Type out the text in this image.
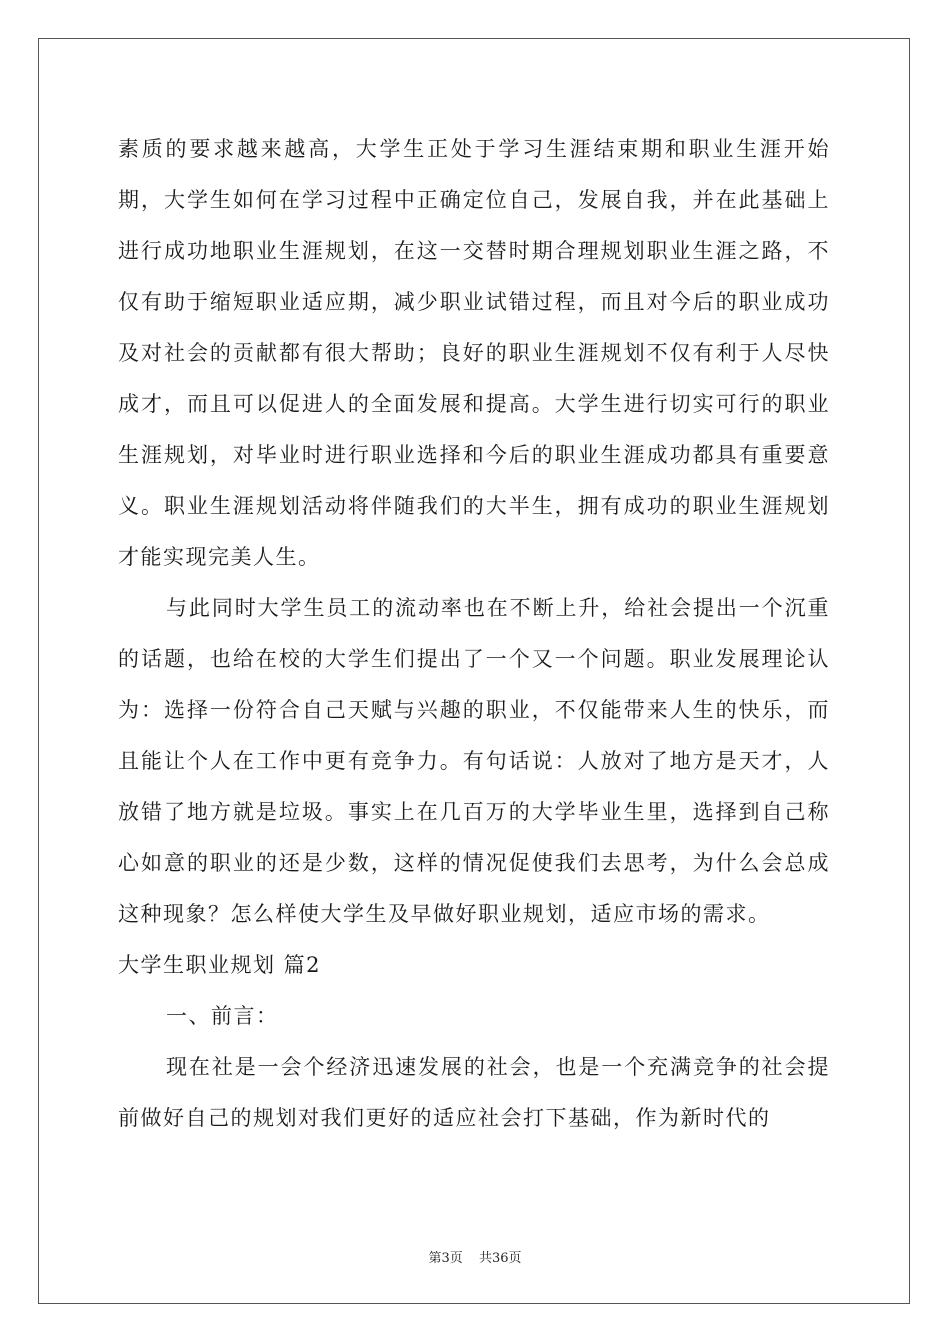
素质的要求越来越高，大学生正处于学习生涯结束期和职业生涯开始期，大学生如何在学习过程中正确定位自己，发展自我，并在此基础上进行成功地职业生涯规划，在这一交替时期合理规划职业生涯之路，不仅有助于缩短职业适应期，减少职业试错过程，而且对今后的职业成功及对社会的贡献都有很大帮助；良好的职业生涯规划不仅有利于人尽快成才，而且可以促进人的全面发展和提高。大学生进行切实可行的职业生涯规划，对毕业时进行职业选择和今后的职业生涯成功都具有重要意义。职业生涯规划活动将伴随我们的大半生，拥有成功的职业生涯规划才能实现完美人生。

与此同时大学生员工的流动率也在不断上升，给社会提出一个沉重的话题，也给在校的大学生们提出了一个又一个问题。职业发展理论认为：选择一份符合自己天赋与兴趣的职业，不仅能带来人生的快乐，而且能让个人在工作中更有竞争力。有句话说：人放对了地方是天才，人放错了地方就是垃圾。事实上在几百万的大学毕业生里，选择到自己称心如意的职业的还是少数，这样的情况促使我们去思考，为什么会总成这种现象？怎么样使大学生及早做好职业规划，适应市场的需求。

大学生职业规划 篇2

一、前言：

现在社是一会个经济迅速发展的社会，也是一个充满竞争的社会提前做好自己的规划对我们更好的适应社会打下基础，作为新时代的

第3页 共36页
